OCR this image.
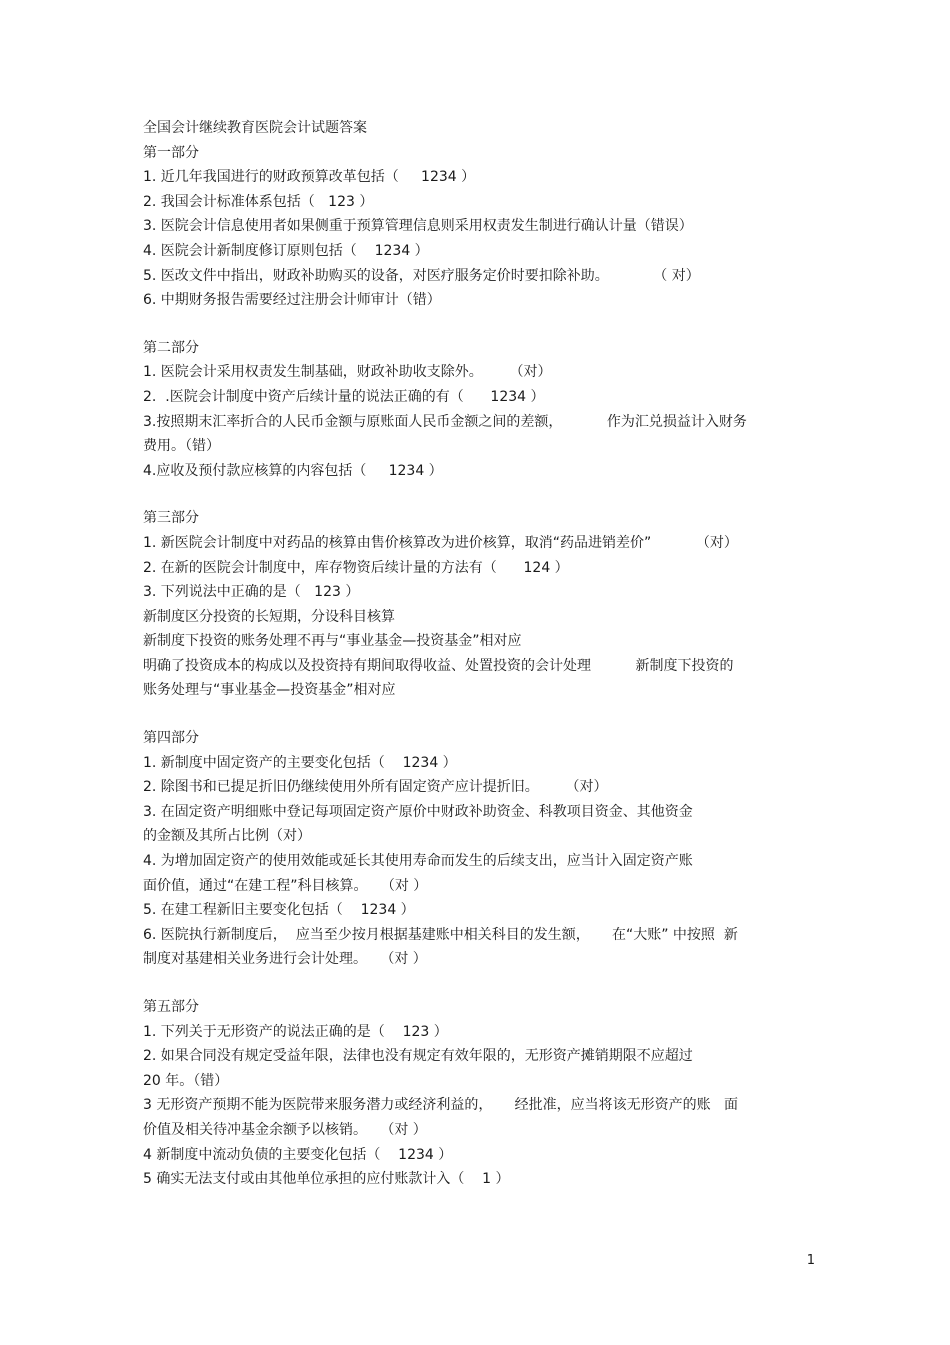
全国会计继续教育医院会计试题答案
第一部分
1. 近几年我国进行的财政预算改革包括（     1234 ）
2. 我国会计标准体系包括（   123 ）
3. 医院会计信息使用者如果侧重于预算管理信息则采用权责发生制进行确认计量（错误）
4. 医院会计新制度修订原则包括（    1234 ）
5. 医改文件中指出，财政补助购买的设备，对医疗服务定价时要扣除补助。          （ 对）
6. 中期财务报告需要经过注册会计师审计（错）
第二部分
1. 医院会计采用权责发生制基础，财政补助收支除外。      （对）
2.  .医院会计制度中资产后续计量的说法正确的有（      1234 ）
3.按照期末汇率折合的人民币金额与原账面人民币金额之间的差额，          作为汇兑损益计入财务
费用。（错）
4.应收及预付款应核算的内容包括（     1234 ）
第三部分
1. 新医院会计制度中对药品的核算由售价核算改为进价核算，取消“药品进销差价”          （对）
2. 在新的医院会计制度中，库存物资后续计量的方法有（      124 ）
3. 下列说法中正确的是（   123 ）
新制度区分投资的长短期，分设科目核算
新制度下投资的账务处理不再与“事业基金—投资基金”相对应
明确了投资成本的构成以及投资持有期间取得收益、处置投资的会计处理          新制度下投资的
账务处理与“事业基金—投资基金”相对应
第四部分
1. 新制度中固定资产的主要变化包括（    1234 ）
2. 除图书和已提足折旧仍继续使用外所有固定资产应计提折旧。      （对）
3. 在固定资产明细账中登记每项固定资产原价中财政补助资金、科教项目资金、其他资金
的金额及其所占比例（对）
4. 为增加固定资产的使用效能或延长其使用寿命而发生的后续支出，应当计入固定资产账
面价值，通过“在建工程”科目核算。   （对 ）
5. 在建工程新旧主要变化包括（    1234 ）
6. 医院执行新制度后，  应当至少按月根据基建账中相关科目的发生额，     在“大账” 中按照  新
制度对基建相关业务进行会计处理。   （对 ）
第五部分
1. 下列关于无形资产的说法正确的是（    123 ）
2. 如果合同没有规定受益年限，法律也没有规定有效年限的，无形资产摊销期限不应超过
20 年。（错）
3 无形资产预期不能为医院带来服务潜力或经济利益的，     经批准，应当将该无形资产的账   面
价值及相关待冲基金余额予以核销。   （对 ）
4 新制度中流动负债的主要变化包括（    1234 ）
5 确实无法支付或由其他单位承担的应付账款计入（    1 ）
1
